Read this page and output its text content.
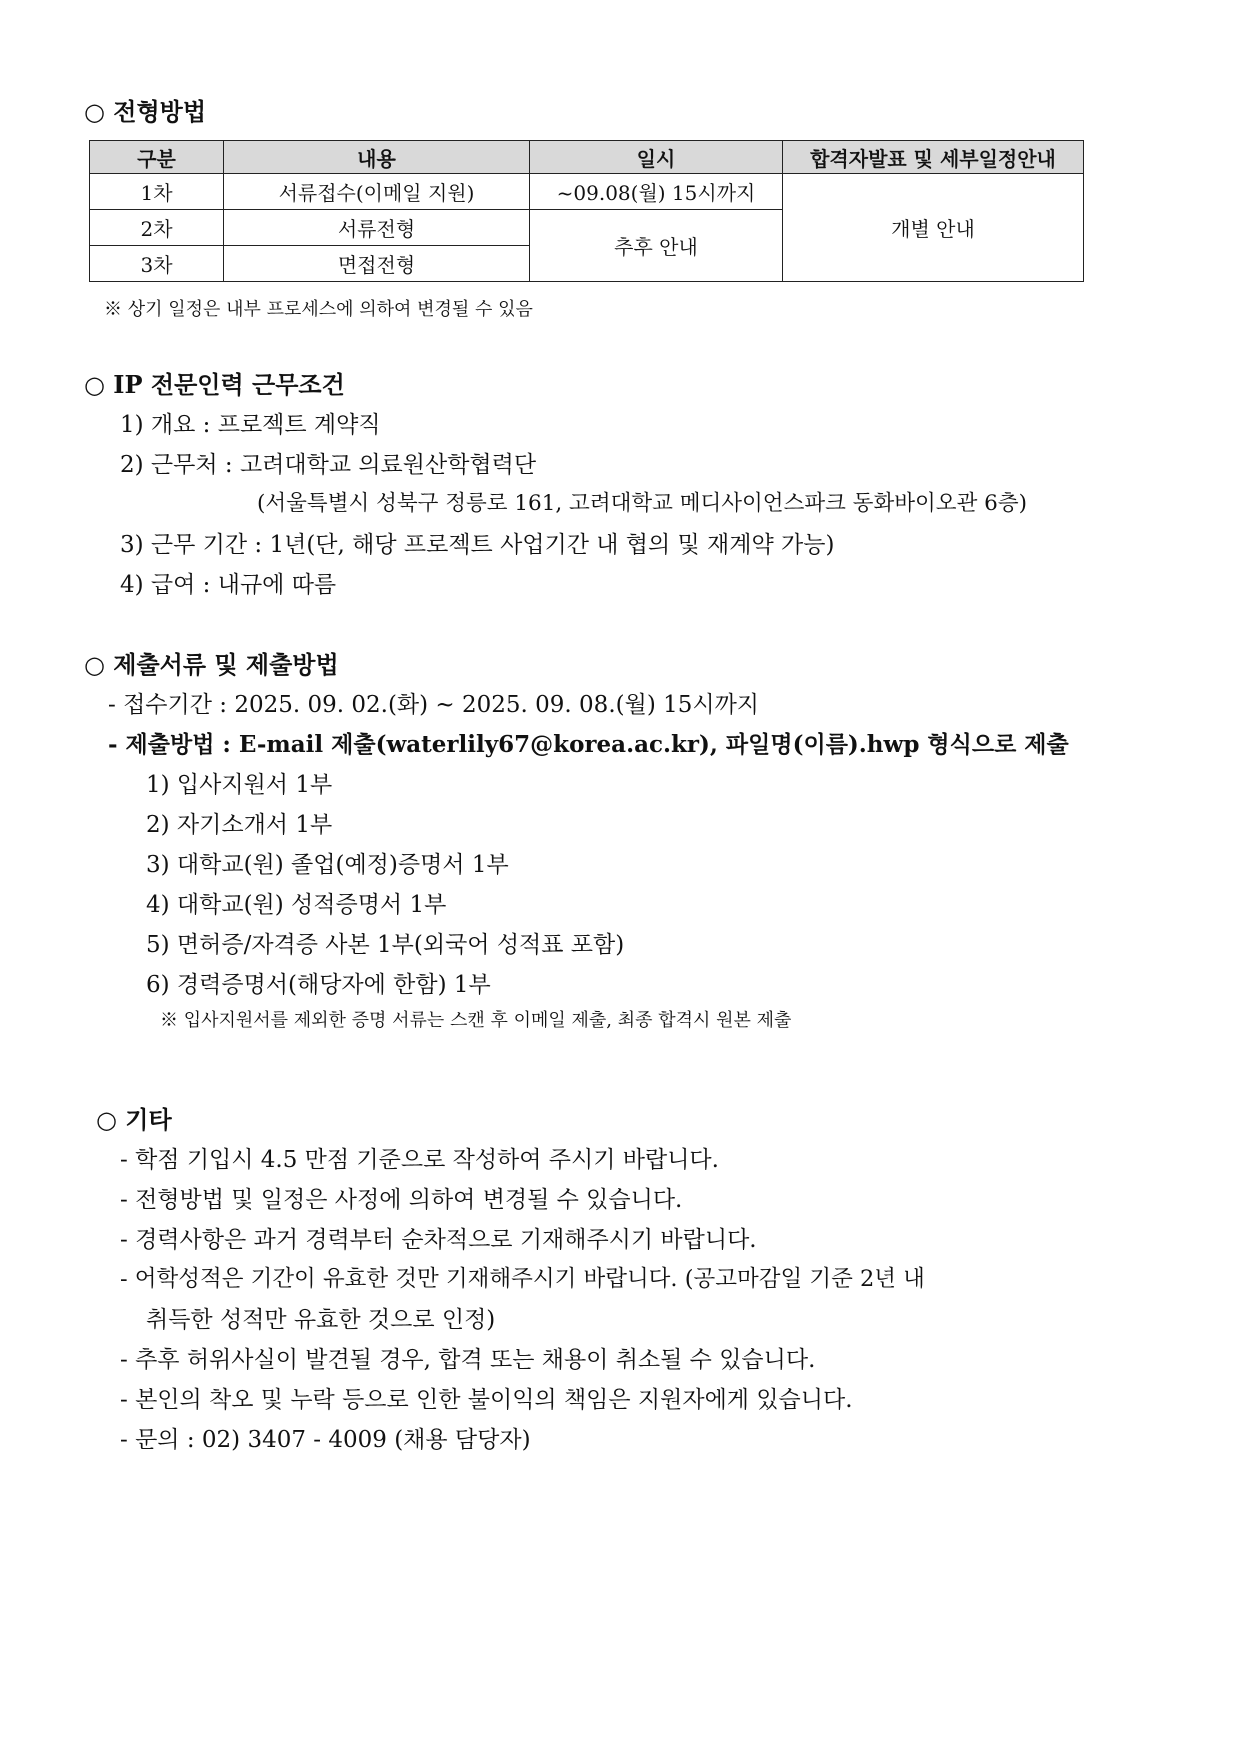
○ 전형방법
구분	내용	일시	합격자발표 및 세부일정안내
1차	서류접수(이메일 지원)	~09.08(월) 15시까지	개별 안내
2차	서류전형	추후 안내	
3차	면접전형		
※ 상기 일정은 내부 프로세스에 의하여 변경될 수 있음
○ IP 전문인력 근무조건
1) 개요 : 프로젝트 계약직
2) 근무처 : 고려대학교 의료원산학협력단
(서울특별시 성북구 정릉로 161, 고려대학교 메디사이언스파크 동화바이오관 6층)
3) 근무 기간 : 1년(단, 해당 프로젝트 사업기간 내 협의 및 재계약 가능)
4) 급여 : 내규에 따름
○ 제출서류 및 제출방법
- 접수기간 : 2025. 09. 02.(화) ~ 2025. 09. 08.(월) 15시까지
- 제출방법 : E-mail 제출(waterlily67@korea.ac.kr), 파일명(이름).hwp 형식으로 제출
1) 입사지원서 1부
2) 자기소개서 1부
3) 대학교(원) 졸업(예정)증명서 1부
4) 대학교(원) 성적증명서 1부
5) 면허증/자격증 사본 1부(외국어 성적표 포함)
6) 경력증명서(해당자에 한함) 1부
※ 입사지원서를 제외한 증명 서류는 스캔 후 이메일 제출, 최종 합격시 원본 제출
○ 기타
- 학점 기입시 4.5 만점 기준으로 작성하여 주시기 바랍니다.
- 전형방법 및 일정은 사정에 의하여 변경될 수 있습니다.
- 경력사항은 과거 경력부터 순차적으로 기재해주시기 바랍니다.
- 어학성적은 기간이 유효한 것만 기재해주시기 바랍니다. (공고마감일 기준 2년 내
취득한 성적만 유효한 것으로 인정)
- 추후 허위사실이 발견될 경우, 합격 또는 채용이 취소될 수 있습니다.
- 본인의 착오 및 누락 등으로 인한 불이익의 책임은 지원자에게 있습니다.
- 문의 : 02) 3407 - 4009 (채용 담당자)
